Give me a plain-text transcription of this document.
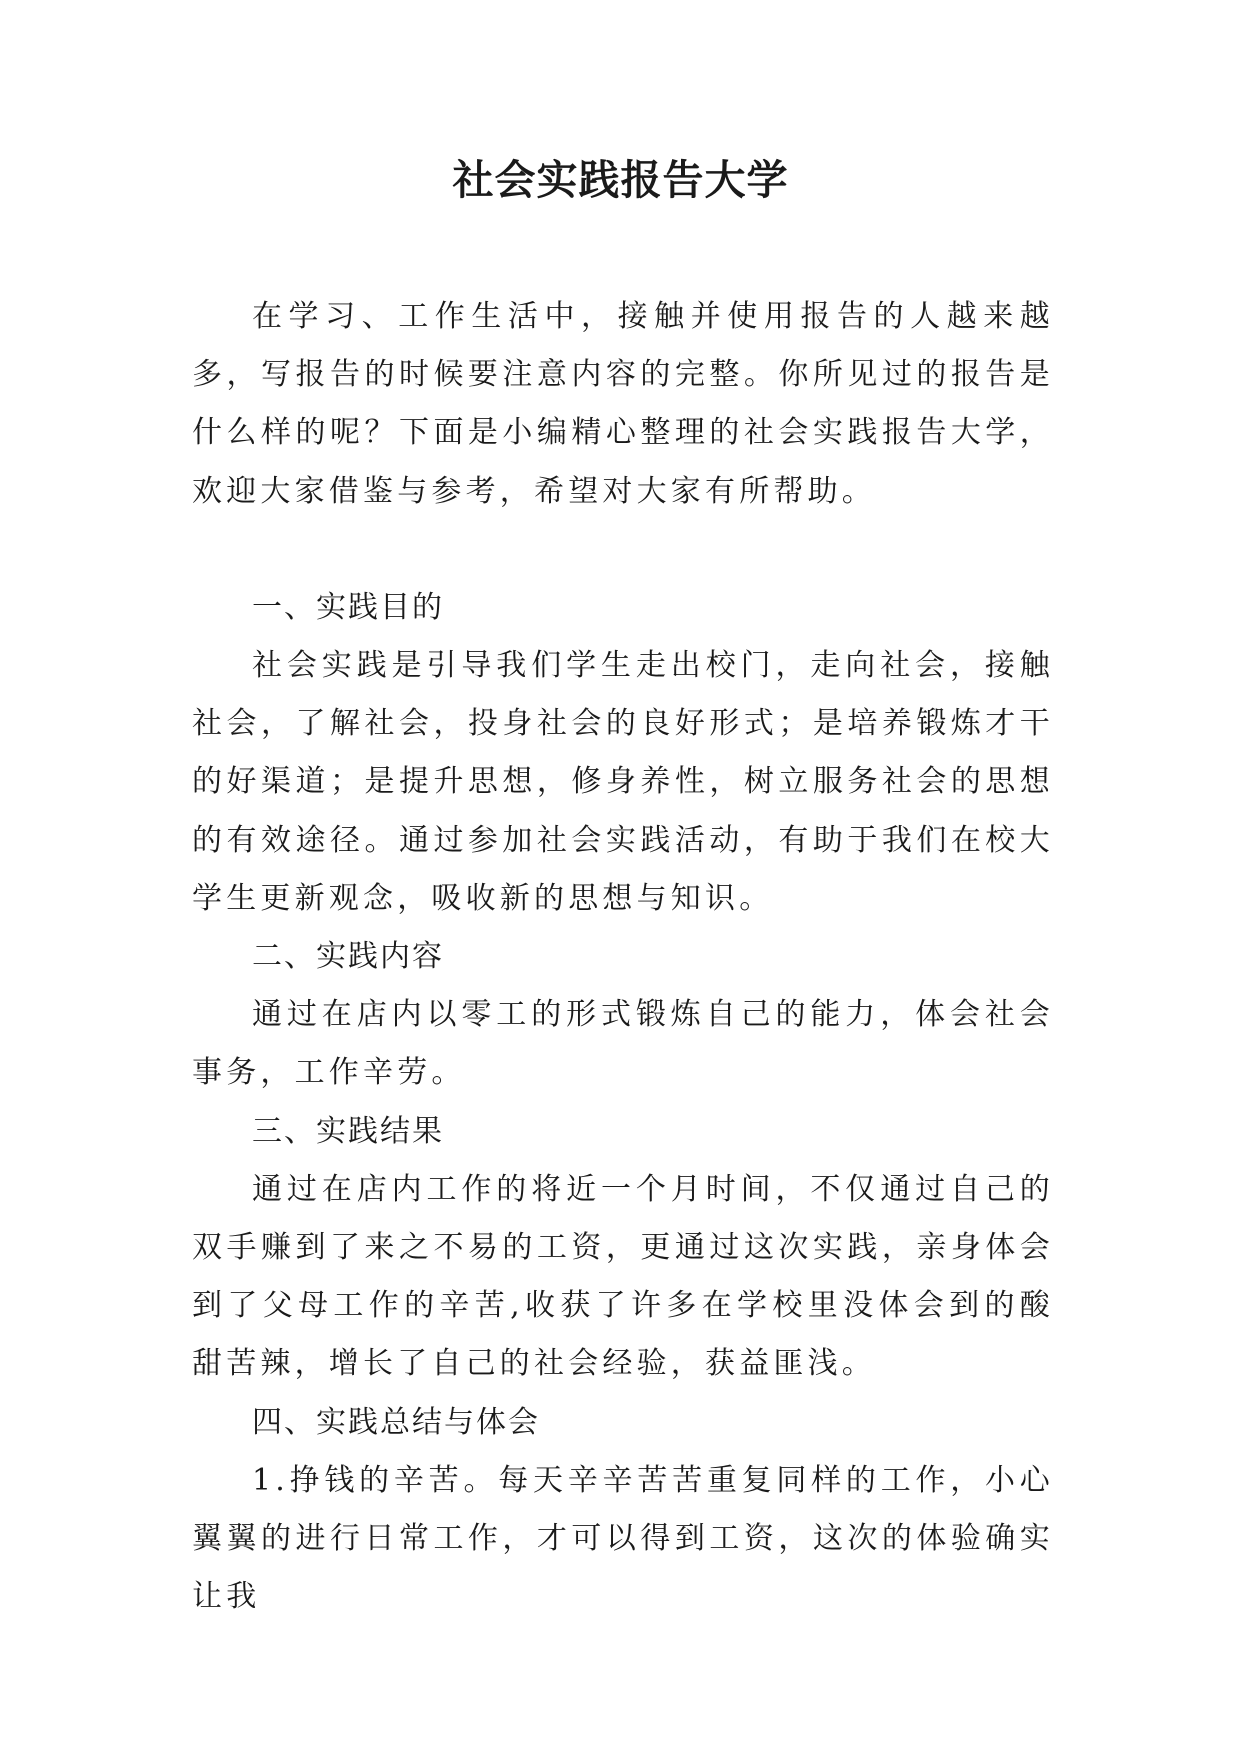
社会实践报告大学

在学习、工作生活中，接触并使用报告的人越来越多，写报告的时候要注意内容的完整。你所见过的报告是什么样的呢？下面是小编精心整理的社会实践报告大学，欢迎大家借鉴与参考，希望对大家有所帮助。

一、实践目的

社会实践是引导我们学生走出校门，走向社会，接触社会，了解社会，投身社会的良好形式；是培养锻炼才干的好渠道；是提升思想，修身养性，树立服务社会的思想的有效途径。通过参加社会实践活动，有助于我们在校大学生更新观念，吸收新的思想与知识。

二、实践内容

通过在店内以零工的形式锻炼自己的能力，体会社会事务，工作辛劳。

三、实践结果

通过在店内工作的将近一个月时间，不仅通过自己的双手赚到了来之不易的工资，更通过这次实践，亲身体会到了父母工作的辛苦,收获了许多在学校里没体会到的酸甜苦辣，增长了自己的社会经验，获益匪浅。

四、实践总结与体会

1.挣钱的辛苦。每天辛辛苦苦重复同样的工作，小心翼翼的进行日常工作，才可以得到工资，这次的体验确实让我
